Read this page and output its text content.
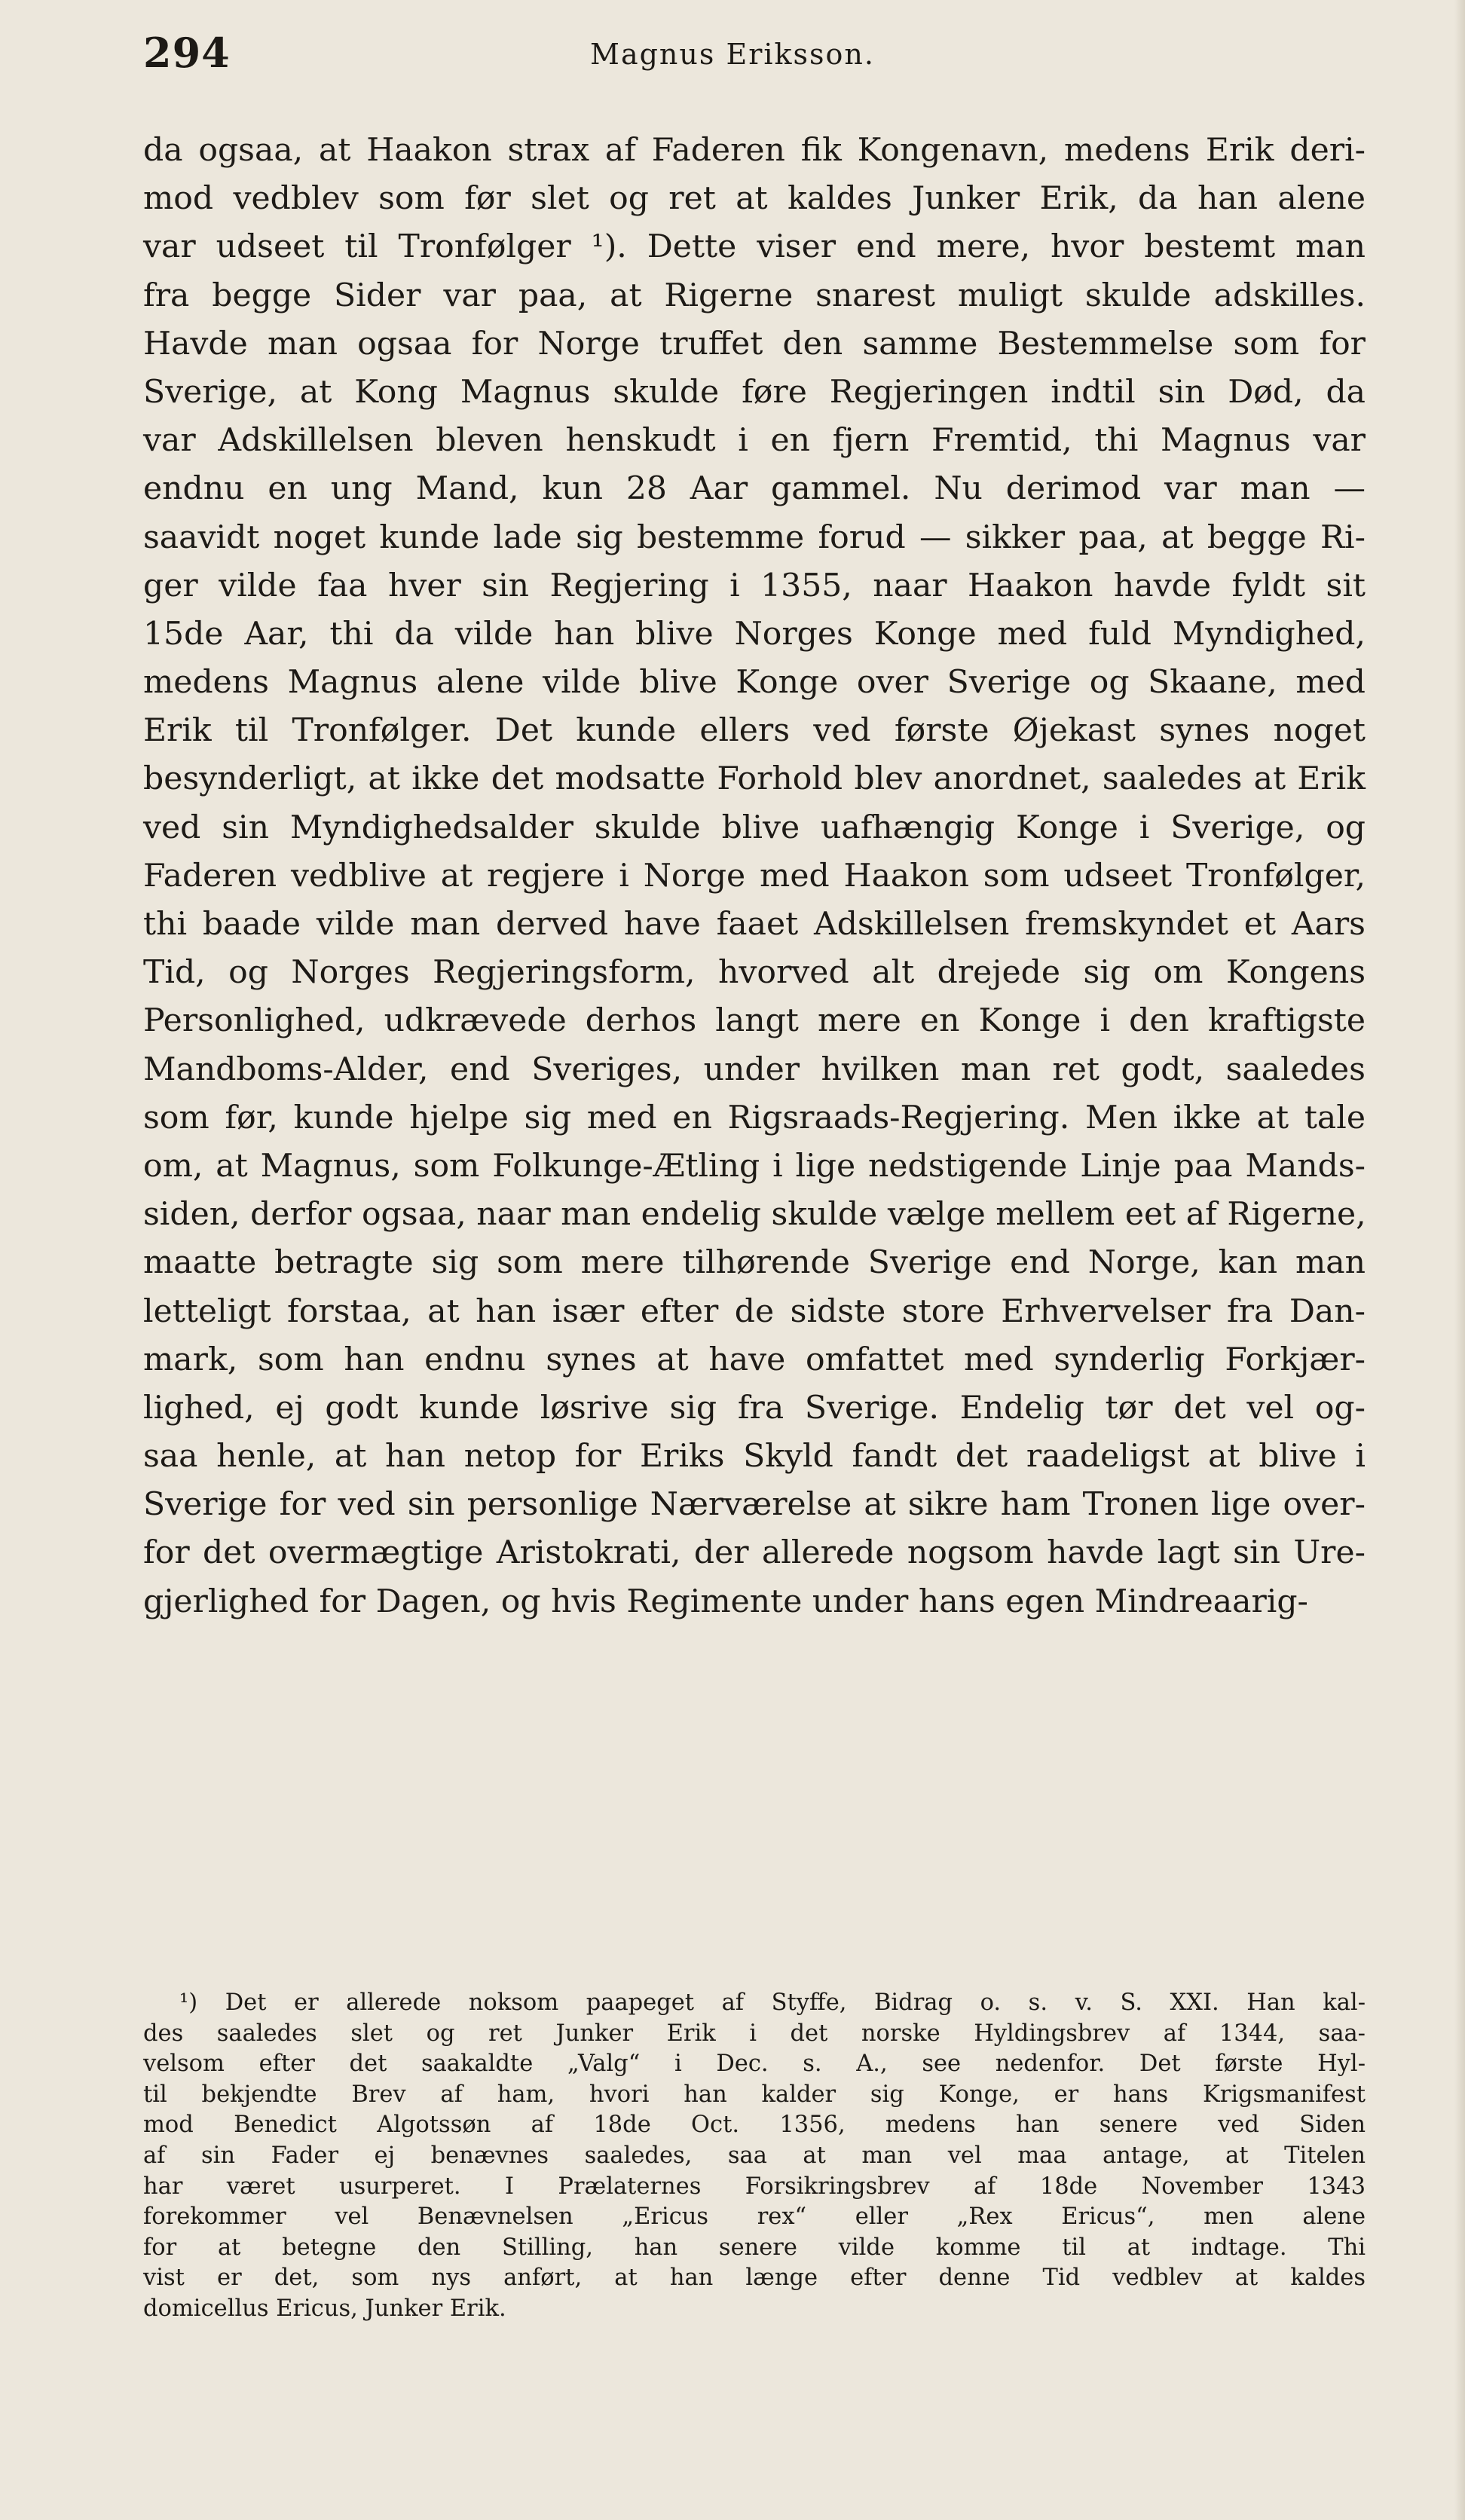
294	Magnus Eriksson.
da ogsaa, at Haakon strax af Faderen fik Kongenavn, medens Erik deri-
mod vedblev som før slet og ret at kaldes Junker Erik, da han alene
var udseet til Tronfølger ¹). Dette viser end mere, hvor bestemt man
fra begge Sider var paa, at Rigerne snarest muligt skulde adskilles.
Havde man ogsaa for Norge truffet den samme Bestemmelse som for
Sverige, at Kong Magnus skulde føre Regjeringen indtil sin Død, da
var Adskillelsen bleven henskudt i en fjern Fremtid, thi Magnus var
endnu en ung Mand, kun 28 Aar gammel. Nu derimod var man —
saavidt noget kunde lade sig bestemme forud — sikker paa, at begge Ri-
ger vilde faa hver sin Regjering i 1355, naar Haakon havde fyldt sit
15de Aar, thi da vilde han blive Norges Konge med fuld Myndighed,
medens Magnus alene vilde blive Konge over Sverige og Skaane, med
Erik til Tronfølger. Det kunde ellers ved første Øjekast synes noget
besynderligt, at ikke det modsatte Forhold blev anordnet, saaledes at Erik
ved sin Myndighedsalder skulde blive uafhængig Konge i Sverige, og
Faderen vedblive at regjere i Norge med Haakon som udseet Tronfølger,
thi baade vilde man derved have faaet Adskillelsen fremskyndet et Aars
Tid, og Norges Regjeringsform, hvorved alt drejede sig om Kongens
Personlighed, udkrævede derhos langt mere en Konge i den kraftigste
Mandboms-Alder, end Sveriges, under hvilken man ret godt, saaledes
som før, kunde hjelpe sig med en Rigsraads-Regjering. Men ikke at tale
om, at Magnus, som Folkunge-Ætling i lige nedstigende Linje paa Mands-
siden, derfor ogsaa, naar man endelig skulde vælge mellem eet af Rigerne,
maatte betragte sig som mere tilhørende Sverige end Norge, kan man
letteligt forstaa, at han især efter de sidste store Erhvervelser fra Dan-
mark, som han endnu synes at have omfattet med synderlig Forkjær-
lighed, ej godt kunde løsrive sig fra Sverige. Endelig tør det vel og-
saa henle, at han netop for Eriks Skyld fandt det raadeligst at blive i
Sverige for ved sin personlige Nærværelse at sikre ham Tronen lige over-
for det overmægtige Aristokrati, der allerede nogsom havde lagt sin Ure-
gjerlighed for Dagen, og hvis Regimente under hans egen Mindreaarig-
¹) Det er allerede noksom paapeget af Styffe, Bidrag o. s. v. S. XXI. Han kal-
des saaledes slet og ret Junker Erik i det norske Hyldingsbrev af 1344, saa-
velsom efter det saakaldte „Valg“ i Dec. s. A., see nedenfor. Det første Hyl-
til bekjendte Brev af ham, hvori han kalder sig Konge, er hans Krigsmanifest
mod Benedict Algotssøn af 18de Oct. 1356, medens han senere ved Siden
af sin Fader ej benævnes saaledes, saa at man vel maa antage, at Titelen
har været usurperet. I Prælaternes Forsikringsbrev af 18de November 1343
forekommer vel Benævnelsen „Ericus rex“ eller „Rex Ericus“, men alene
for at betegne den Stilling, han senere vilde komme til at indtage. Thi
vist er det, som nys anført, at han længe efter denne Tid vedblev at kaldes
domicellus Ericus, Junker Erik.
